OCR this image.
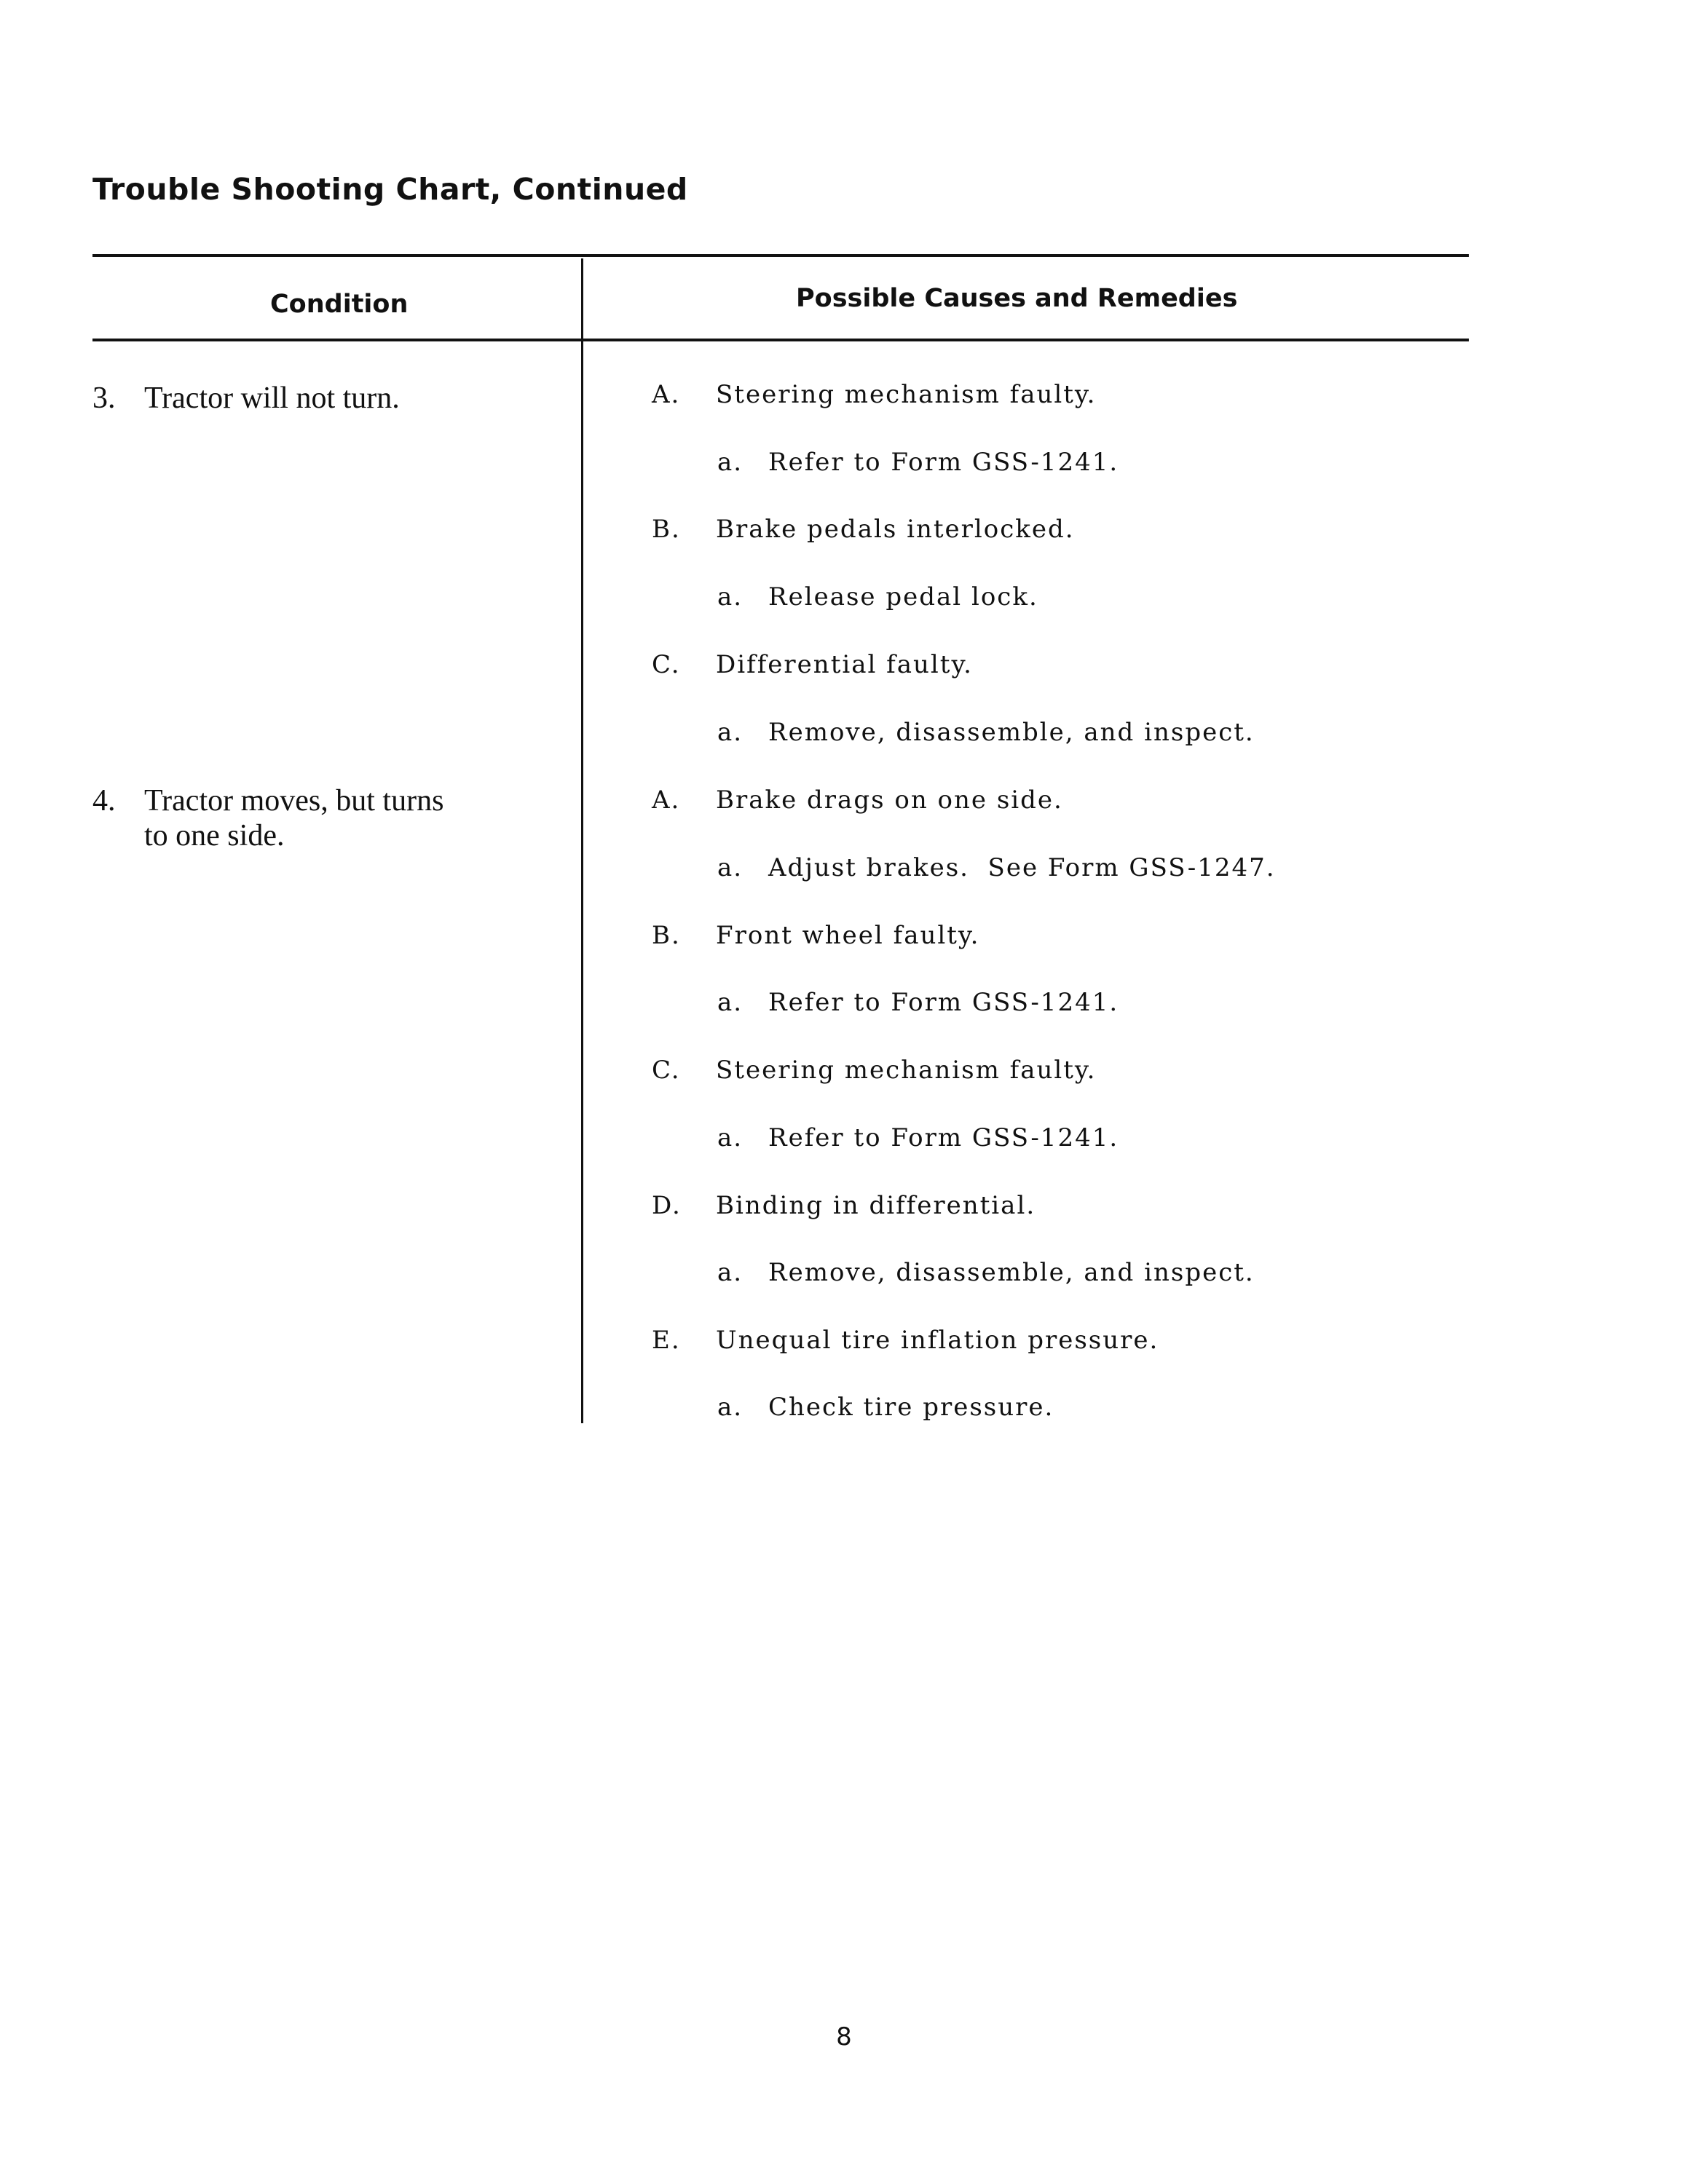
Trouble Shooting Chart, Continued
Condition	Possible Causes and Remedies
3. Tractor will not turn.
4. Tractor moves, but turns
to one side.
A. Steering mechanism faulty.
a. Refer to Form GSS-1241.
B. Brake pedals interlocked.
a. Release pedal lock.
C. Differential faulty.
a. Remove, disassemble, and inspect.
A. Brake drags on one side.
a. Adjust brakes.  See Form GSS-1247.
B. Front wheel faulty.
a. Refer to Form GSS-1241.
C. Steering mechanism faulty.
a. Refer to Form GSS-1241.
D. Binding in differential.
a. Remove, disassemble, and inspect.
E. Unequal tire inflation pressure.
a. Check tire pressure.
8
